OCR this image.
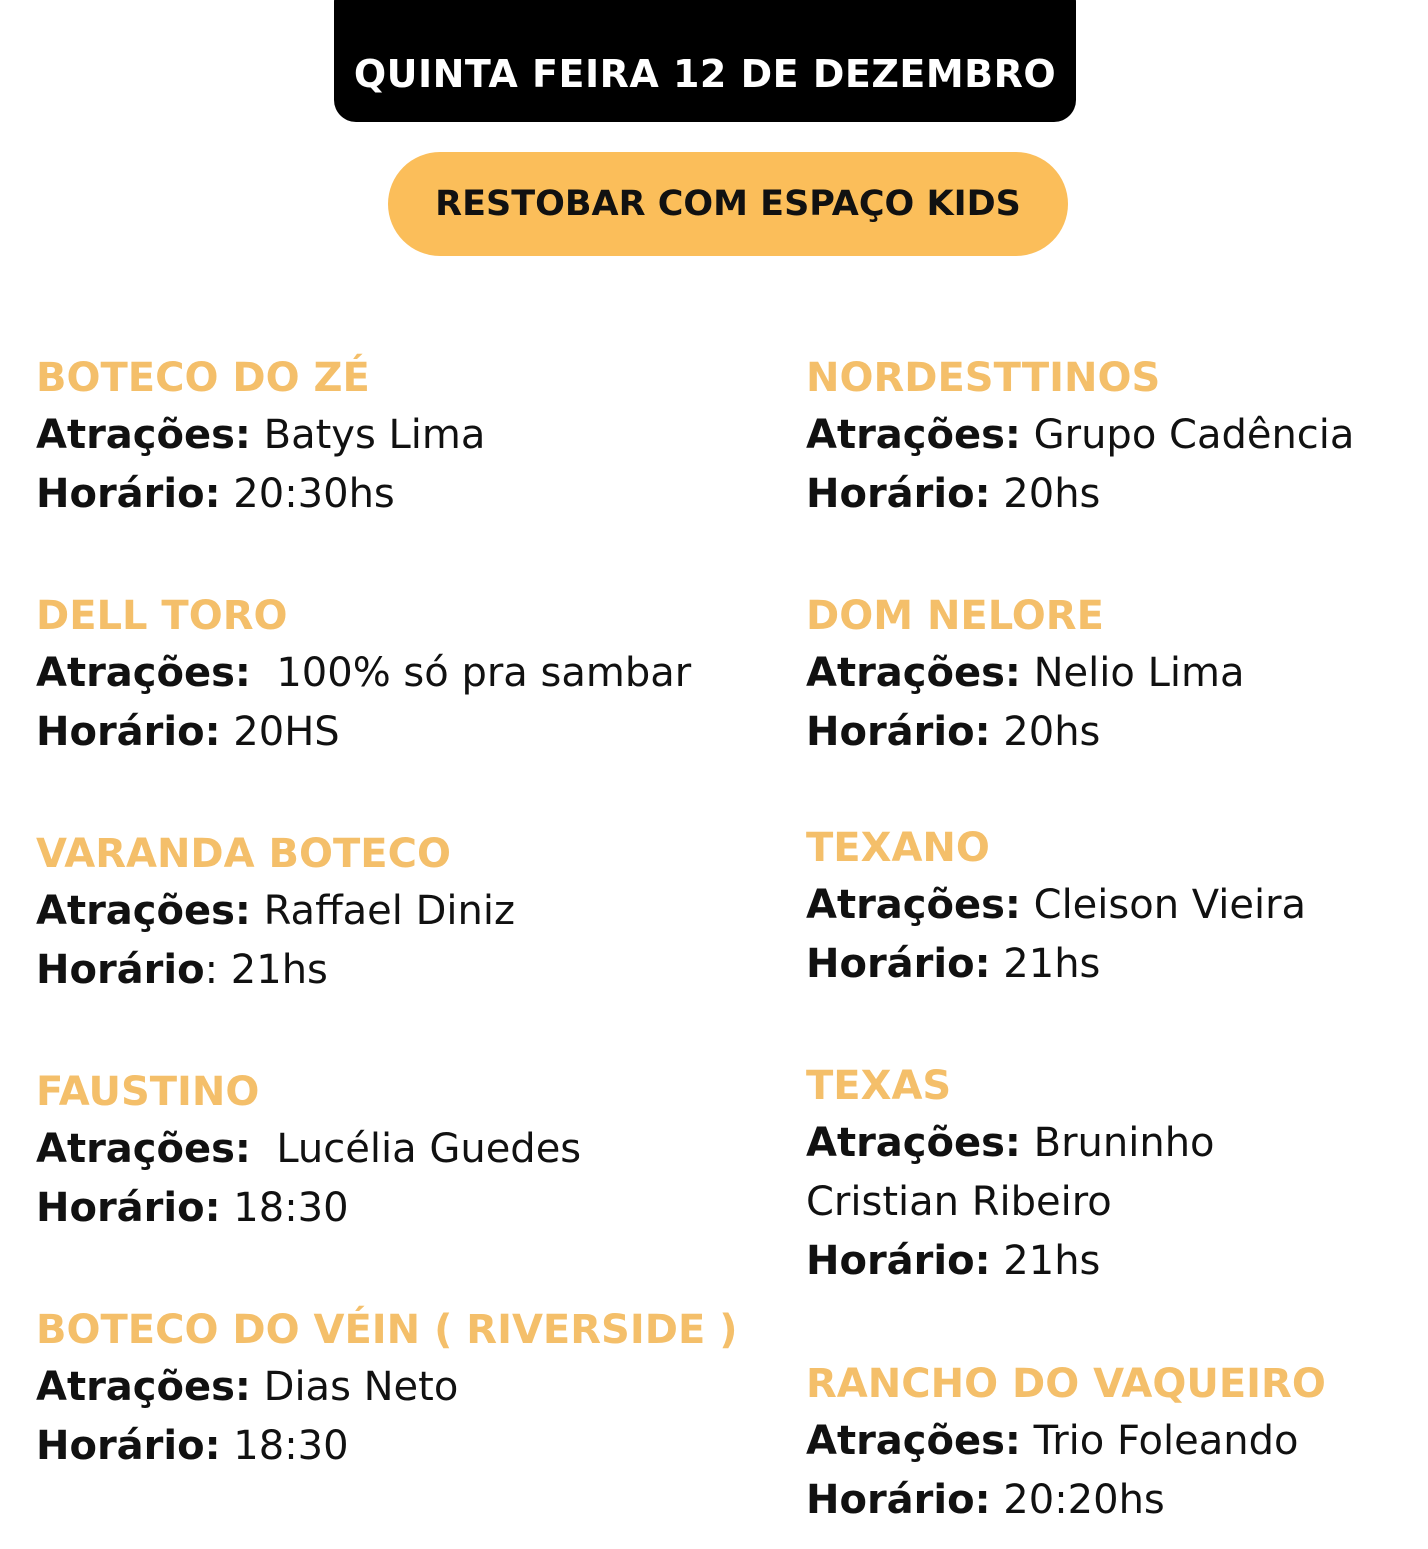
QUINTA FEIRA 12 DE DEZEMBRO
RESTOBAR COM ESPAÇO KIDS
BOTECO DO ZÉ
Atrações: Batys Lima
Horário: 20:30hs
DELL TORO
Atrações:  100% só pra sambar
Horário: 20HS
VARANDA BOTECO
Atrações: Raffael Diniz
Horário: 21hs
FAUSTINO
Atrações:  Lucélia Guedes
Horário: 18:30
BOTECO DO VÉIN ( RIVERSIDE )
Atrações: Dias Neto
Horário: 18:30
NORDESTTINOS
Atrações: Grupo Cadência
Horário: 20hs
DOM NELORE
Atrações: Nelio Lima
Horário: 20hs
TEXANO
Atrações: Cleison Vieira
Horário: 21hs
TEXAS
Atrações: Bruninho
Cristian Ribeiro
Horário: 21hs
RANCHO DO VAQUEIRO
Atrações: Trio Foleando
Horário: 20:20hs
